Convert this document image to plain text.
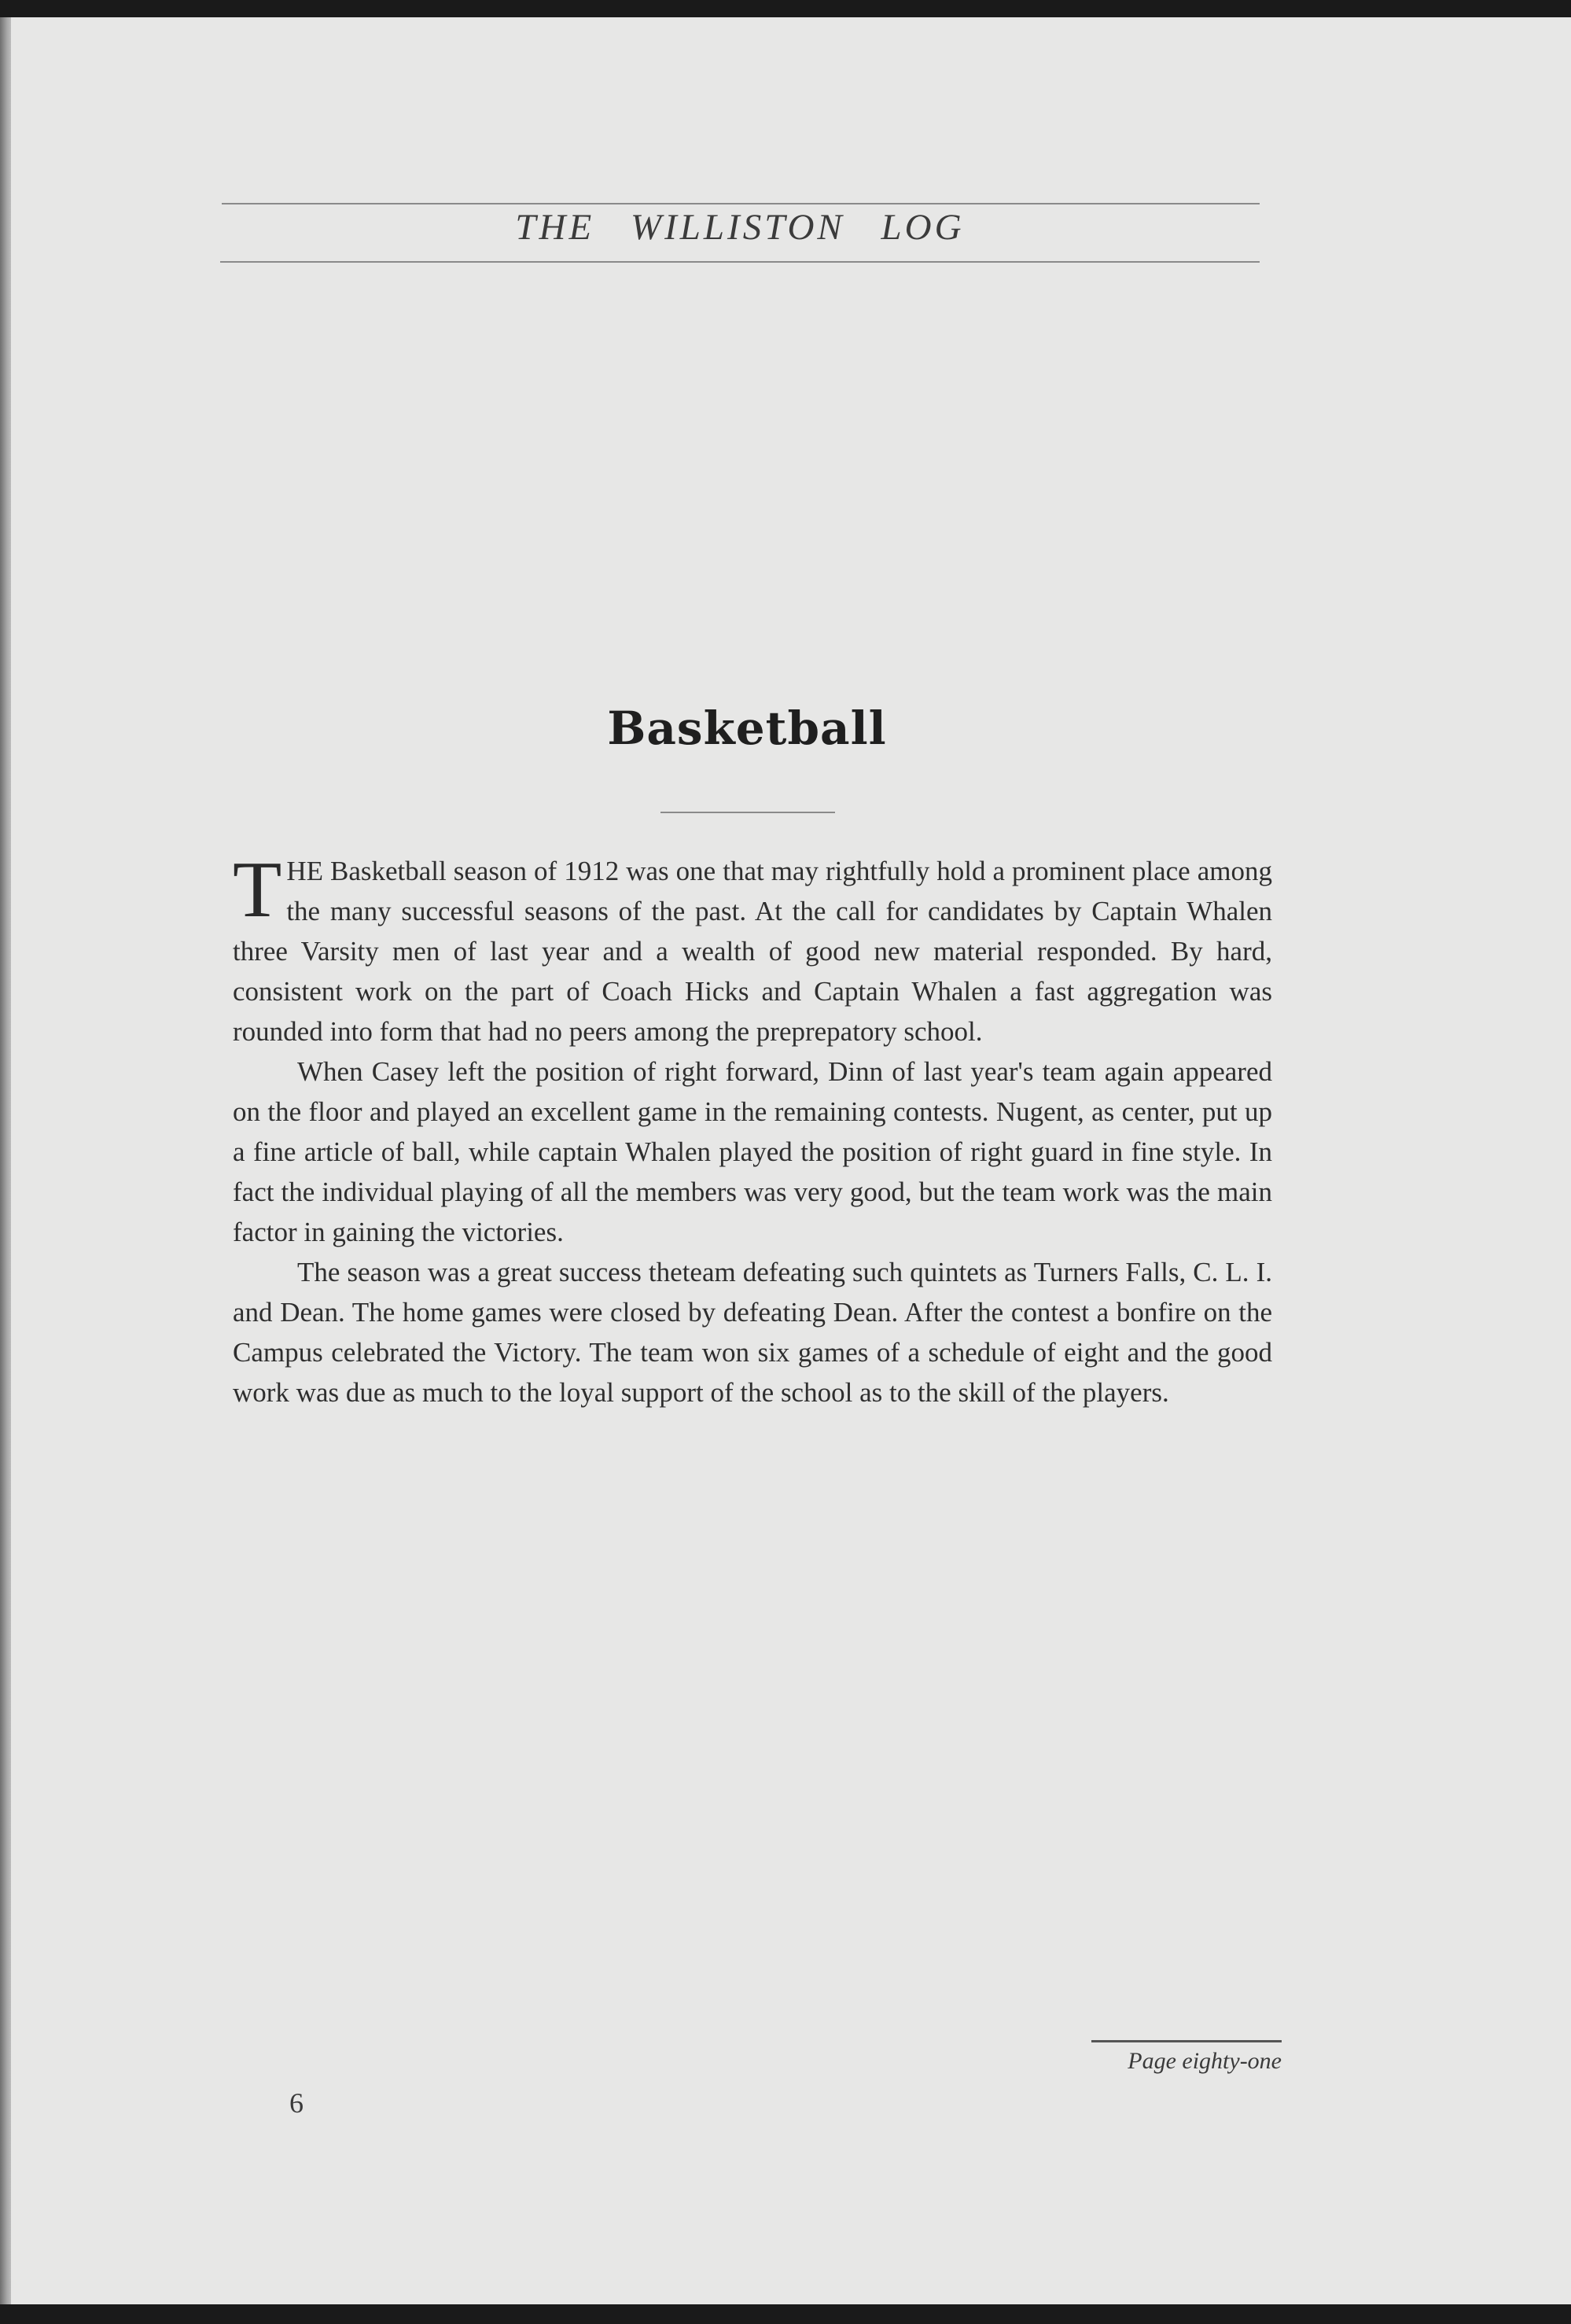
THE WILLISTON LOG
Basketball

T HE Basketball season of 1912 was one that may rightfully hold a prominent place among the many successful seasons of the past. At the call for candidates by Captain Whalen three Varsity men of last year and a wealth of good new material responded. By hard, consistent work on the part of Coach Hicks and Captain Whalen a fast aggregation was rounded into form that had no peers among the preprepatory school.

When Casey left the position of right forward, Dinn of last year's team again appeared on the floor and played an excellent game in the remaining contests. Nugent, as center, put up a fine article of ball, while captain Whalen played the position of right guard in fine style. In fact the individual playing of all the members was very good, but the team work was the main factor in gaining the victories.

The season was a great success theteam defeating such quintets as Turners Falls, C. L. I. and Dean. The home games were closed by defeating Dean. After the contest a bonfire on the Campus celebrated the Victory. The team won six games of a schedule of eight and the good work was due as much to the loyal support of the school as to the skill of the players.

Page eighty-one
6
